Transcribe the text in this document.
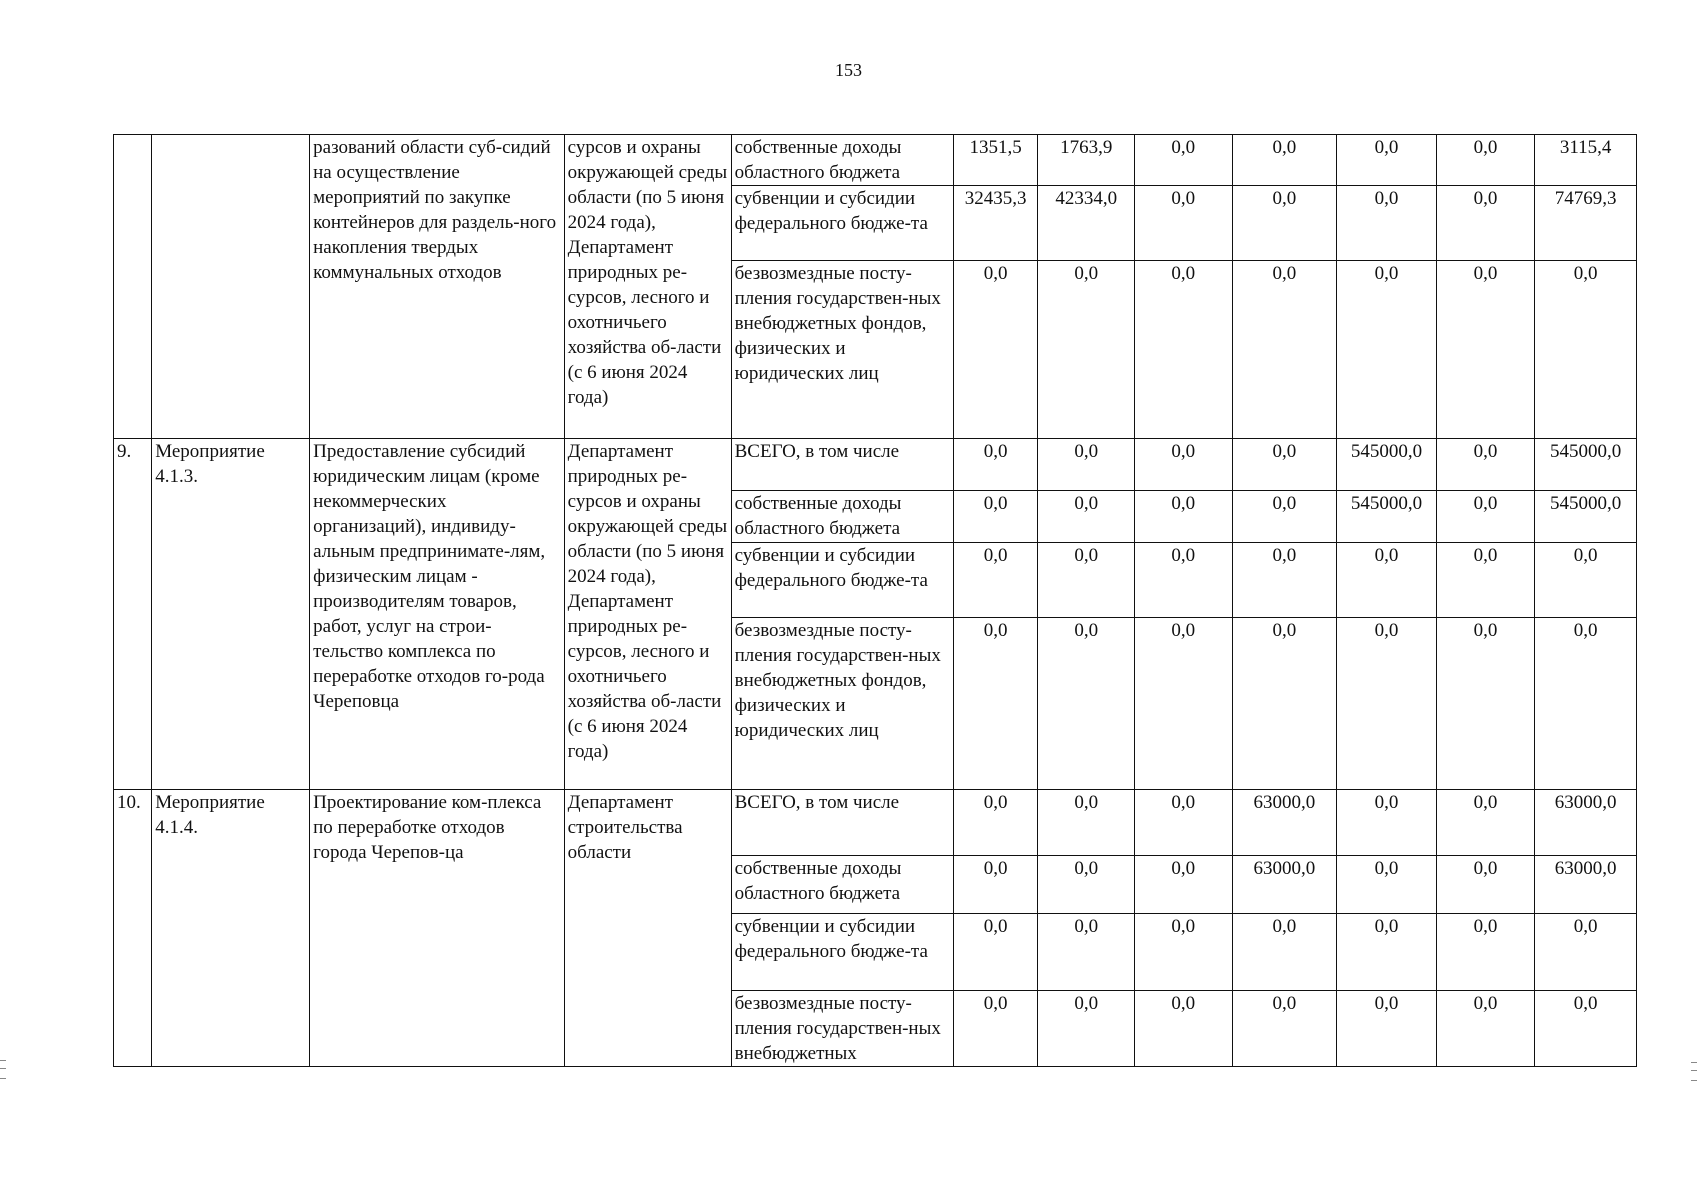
153
		разований области суб-сидий на осуществление мероприятий по закупке контейнеров для раздель-ного накопления твердых коммунальных отходов	сурсов и охраны окружающей среды области (по 5 июня 2024 года), Департамент природных ре-сурсов, лесного и охотничьего хозяйства об-ласти (с 6 июня 2024 года)	собственные доходы областного бюджета	1351,5	1763,9	0,0	0,0	0,0	0,0	3115,4
				субвенции и субсидии федерального бюдже-та	32435,3	42334,0	0,0	0,0	0,0	0,0	74769,3
				безвозмездные посту-пления государствен-ных внебюджетных фондов, физических и юридических лиц	0,0	0,0	0,0	0,0	0,0	0,0	0,0
9.	Мероприятие 4.1.3.	Предоставление субсидий юридическим лицам (кроме некоммерческих организаций), индивиду-альным предпринимате-лям, физическим лицам - производителям товаров, работ, услуг на строи-тельство комплекса по переработке отходов го-рода Череповца	Департамент природных ре-сурсов и охраны окружающей среды области (по 5 июня 2024 года), Департамент природных ре-сурсов, лесного и охотничьего хозяйства об-ласти (с 6 июня 2024 года)	ВСЕГО, в том числе	0,0	0,0	0,0	0,0	545000,0	0,0	545000,0
				собственные доходы областного бюджета	0,0	0,0	0,0	0,0	545000,0	0,0	545000,0
				субвенции и субсидии федерального бюдже-та	0,0	0,0	0,0	0,0	0,0	0,0	0,0
				безвозмездные посту-пления государствен-ных внебюджетных фондов, физических и юридических лиц	0,0	0,0	0,0	0,0	0,0	0,0	0,0
10.	Мероприятие 4.1.4.	Проектирование ком-плекса по переработке отходов города Черепов-ца	Департамент строительства области	ВСЕГО, в том числе	0,0	0,0	0,0	63000,0	0,0	0,0	63000,0
				собственные доходы областного бюджета	0,0	0,0	0,0	63000,0	0,0	0,0	63000,0
				субвенции и субсидии федерального бюдже-та	0,0	0,0	0,0	0,0	0,0	0,0	0,0
				безвозмездные посту-пления государствен-ных внебюджетных	0,0	0,0	0,0	0,0	0,0	0,0	0,0
